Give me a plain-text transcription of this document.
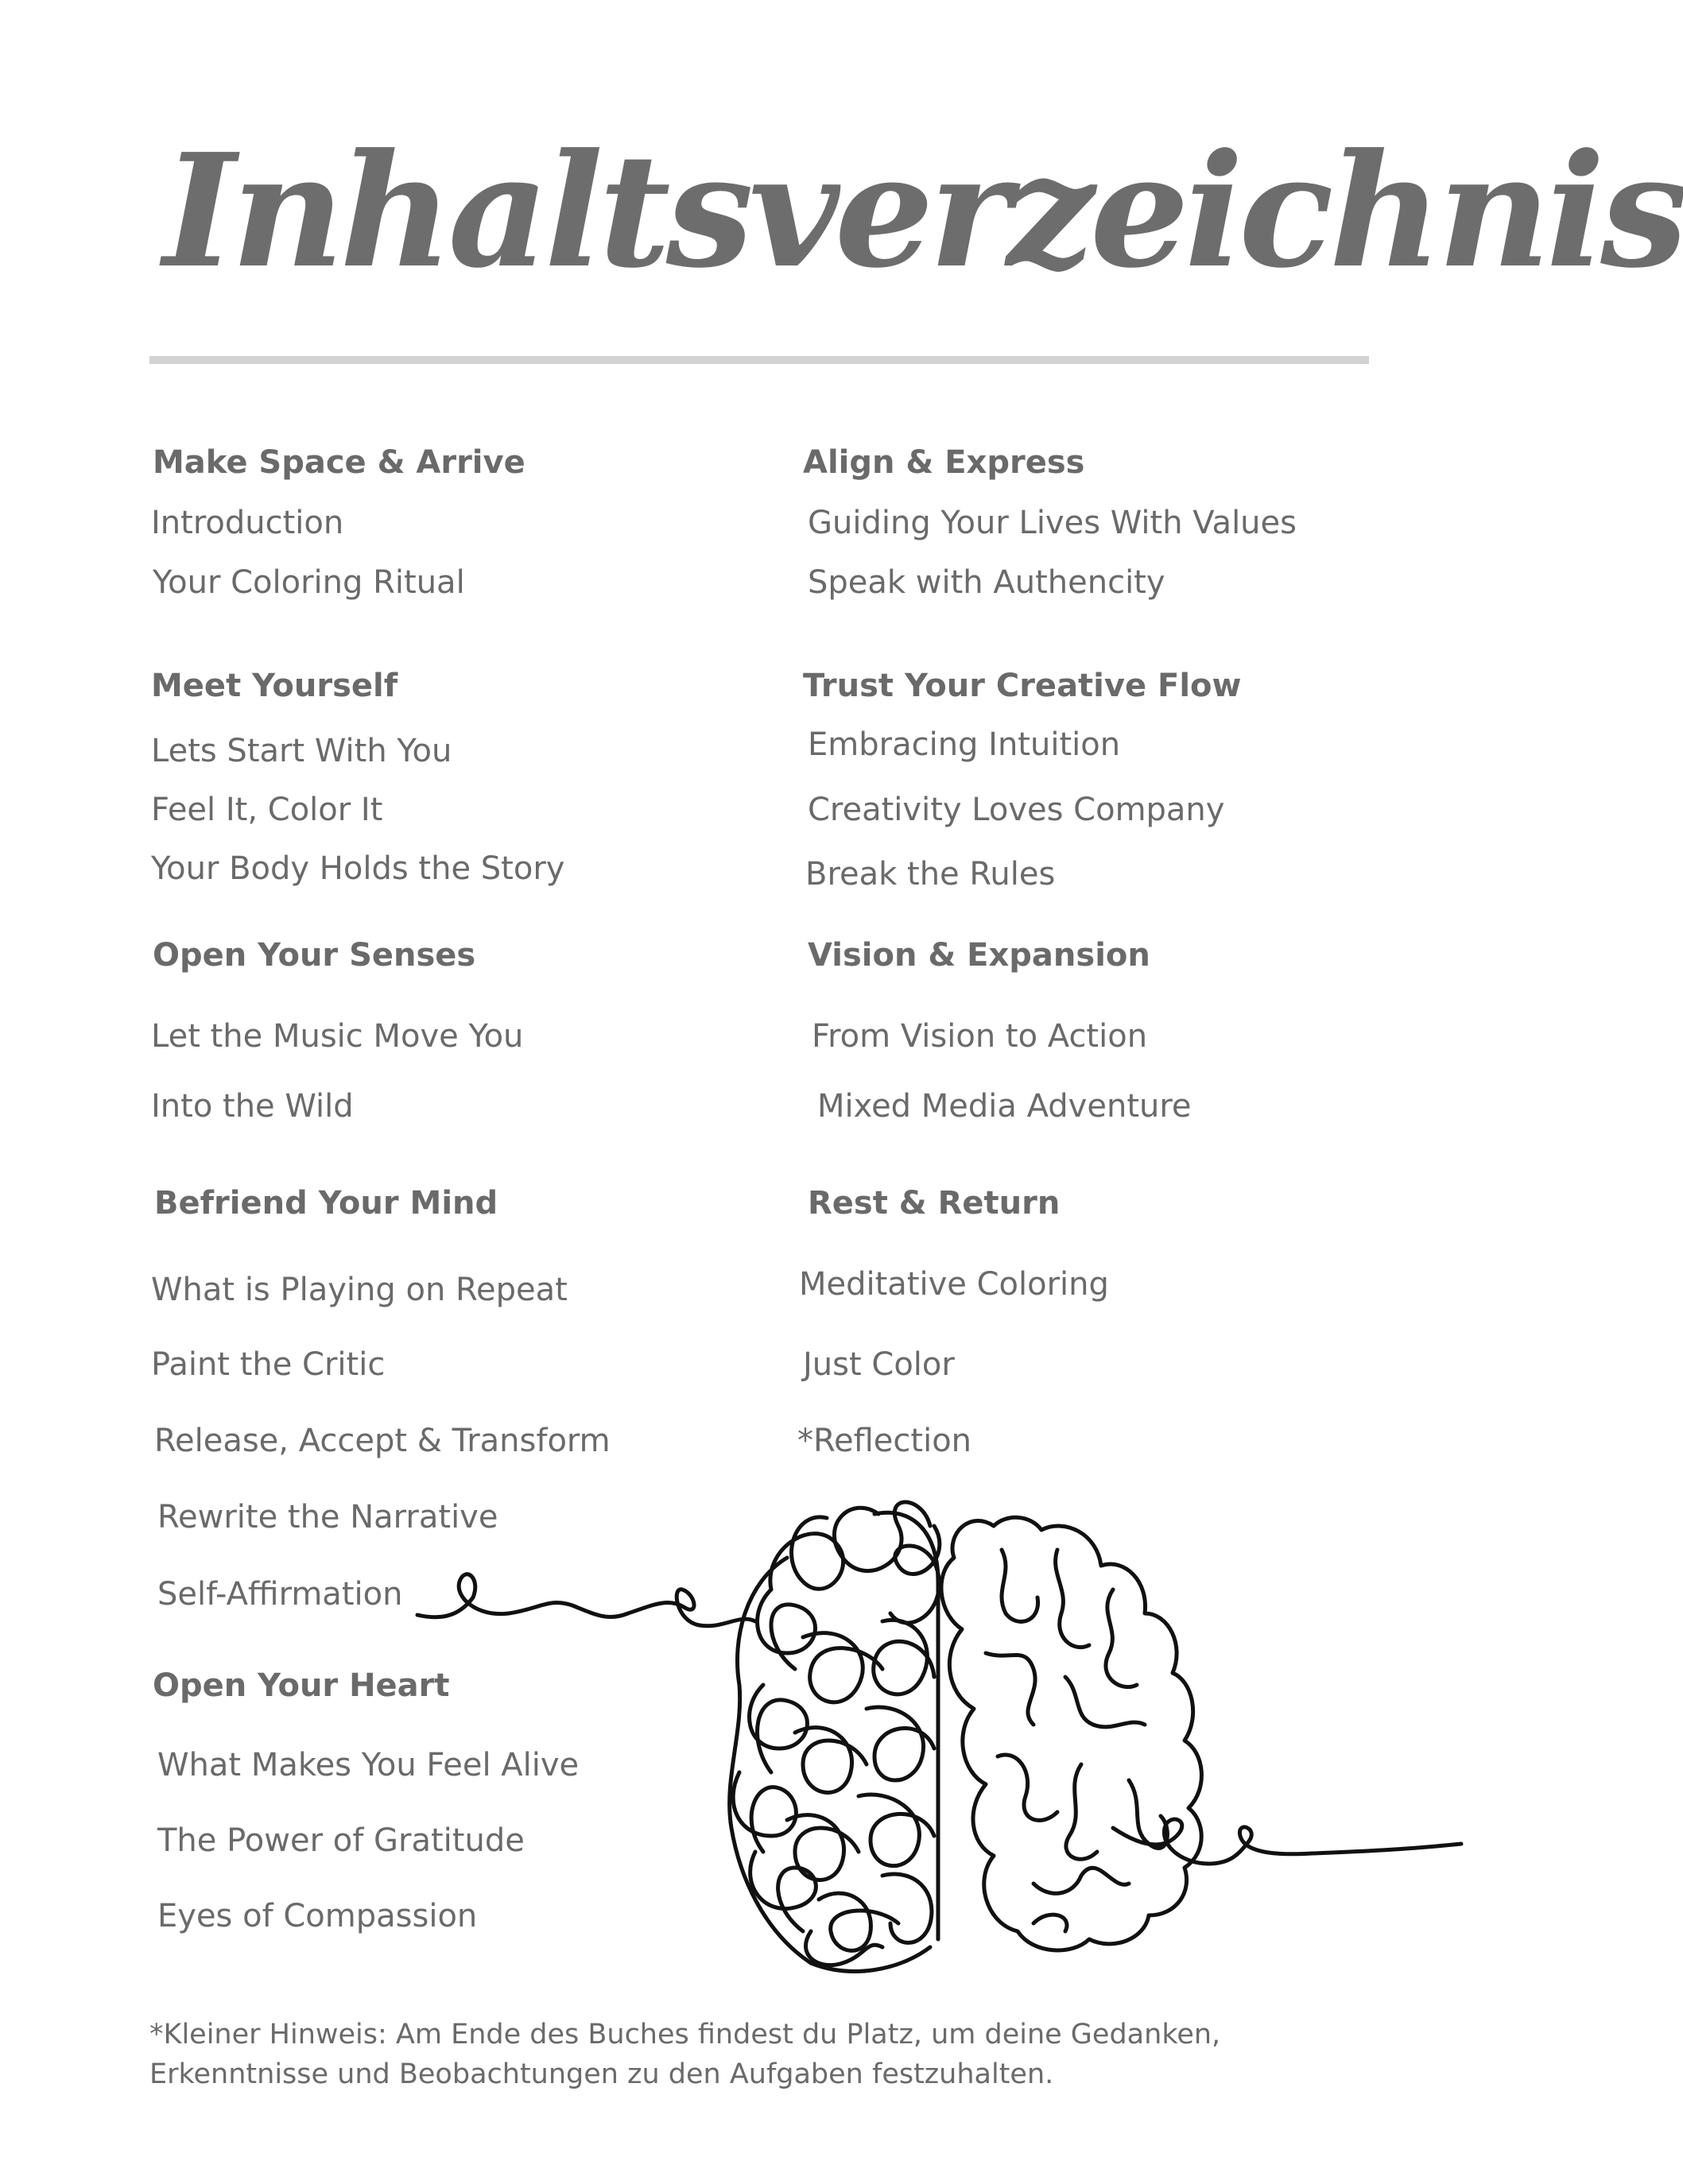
Inhaltsverzeichnis
Make Space & Arrive
Introduction
Your Coloring Ritual
Meet Yourself
Lets Start With You
Feel It, Color It
Your Body Holds the Story
Open Your Senses
Let the Music Move You
Into the Wild
Befriend Your Mind
What is Playing on Repeat
Paint the Critic
Release, Accept & Transform
Rewrite the Narrative
Self-Affirmation
Open Your Heart
What Makes You Feel Alive
The Power of Gratitude
Eyes of Compassion
Align & Express
Guiding Your Lives With Values
Speak with Authencity
Trust Your Creative Flow
Embracing Intuition
Creativity Loves Company
Break the Rules
Vision & Expansion
From Vision to Action
Mixed Media Adventure
Rest & Return
Meditative Coloring
Just Color
*Reflection
*Kleiner Hinweis: Am Ende des Buches findest du Platz, um deine Gedanken,
Erkenntnisse und Beobachtungen zu den Aufgaben festzuhalten.
